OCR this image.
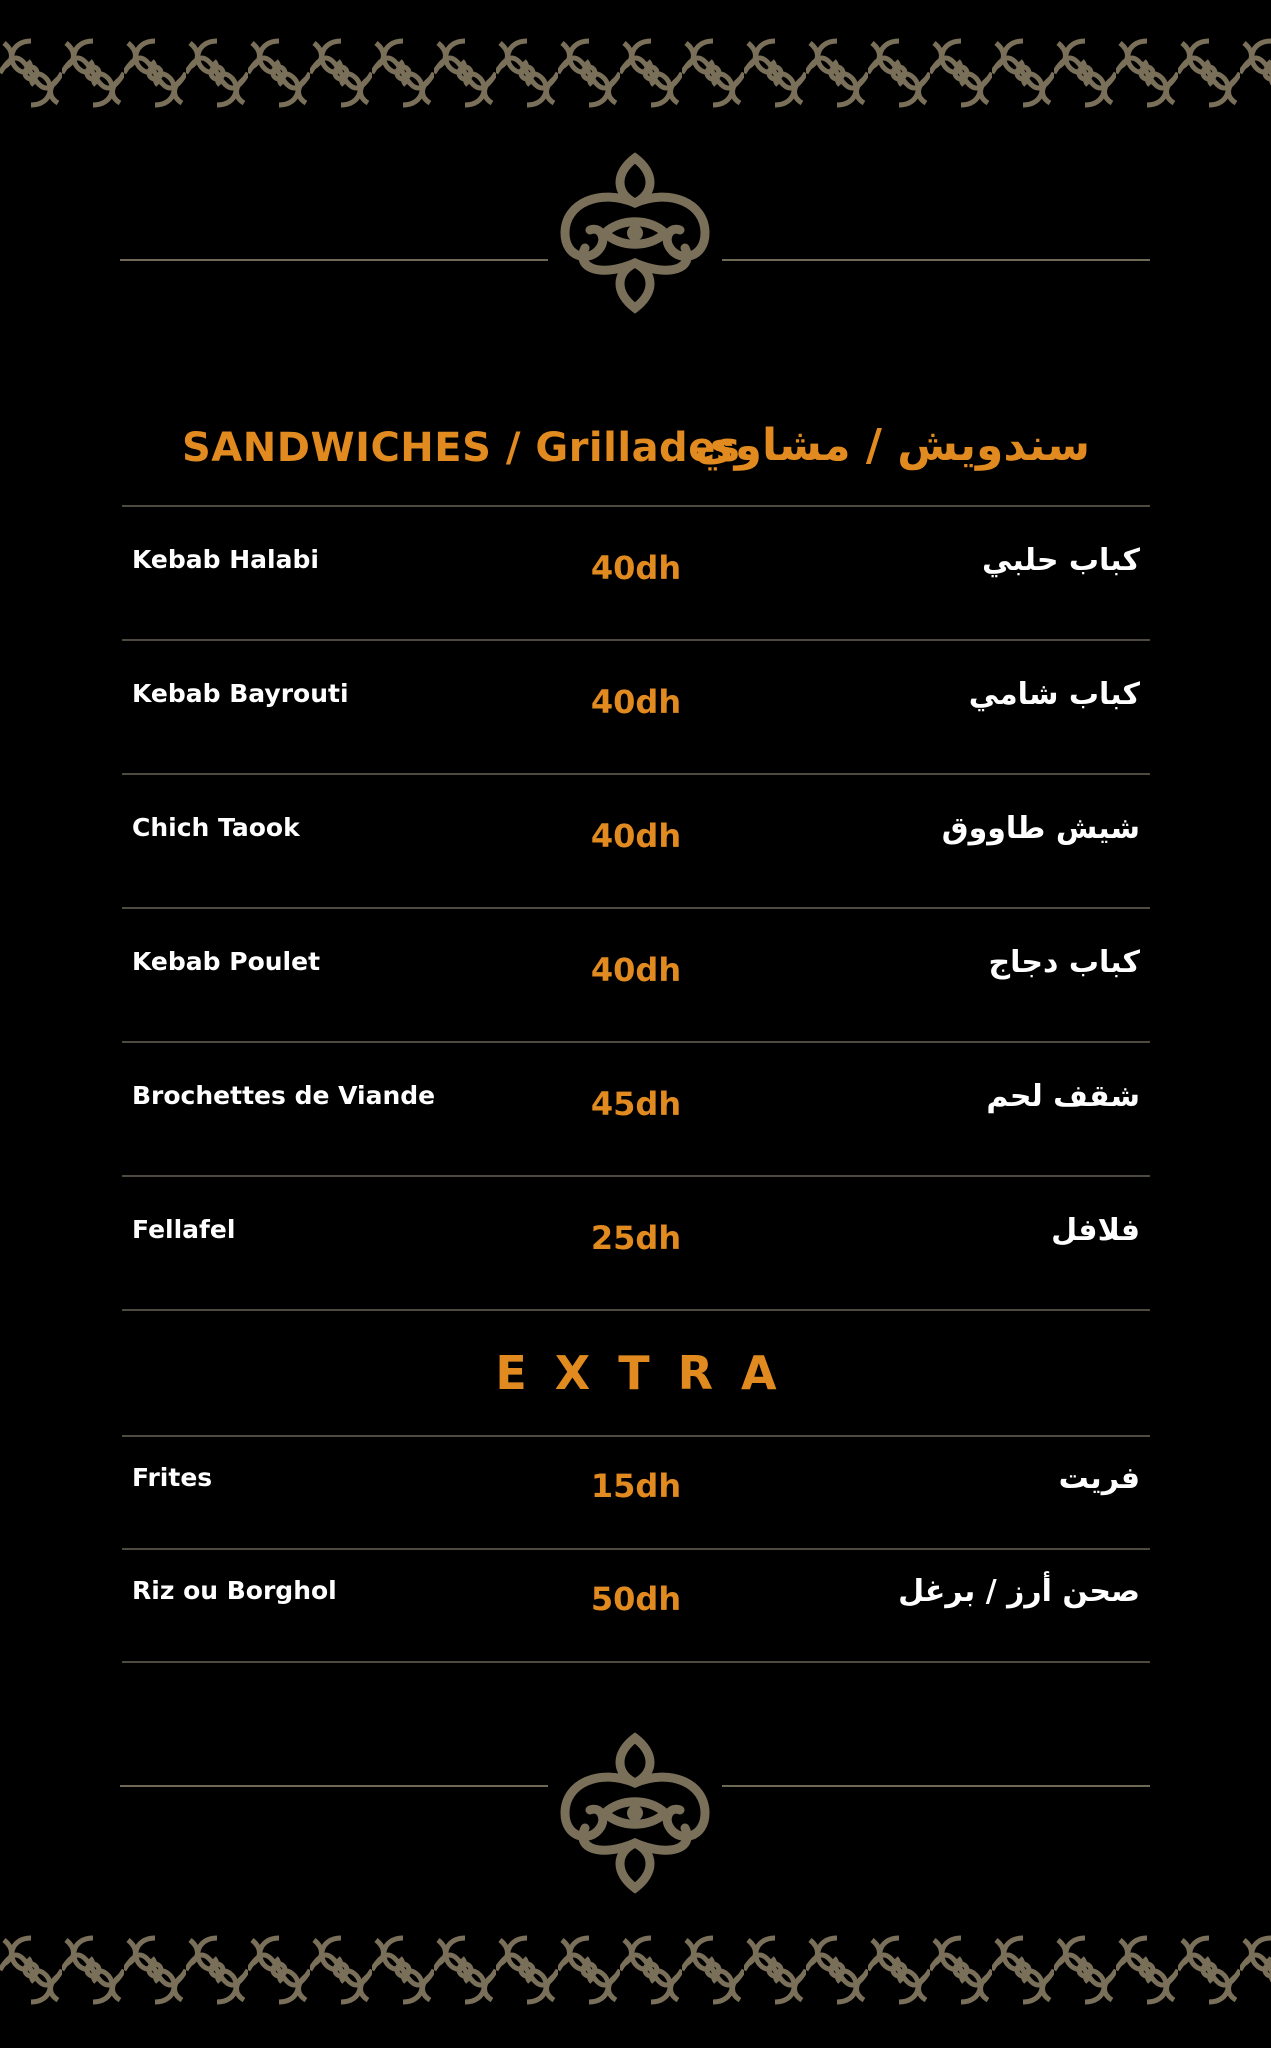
SANDWICHES / Grillades
سندويش / مشاوي
Kebab Halabi	40dh	كباب حلبي
Kebab Bayrouti	40dh	كباب شامي
Chich Taook	40dh	شيش طاووق
Kebab Poulet	40dh	كباب دجاج
Brochettes de Viande	45dh	شقف لحم
Fellafel	25dh	فلافل
EXTRA
Frites	15dh	فريت
Riz ou Borghol	50dh	صحن أرز / برغل
